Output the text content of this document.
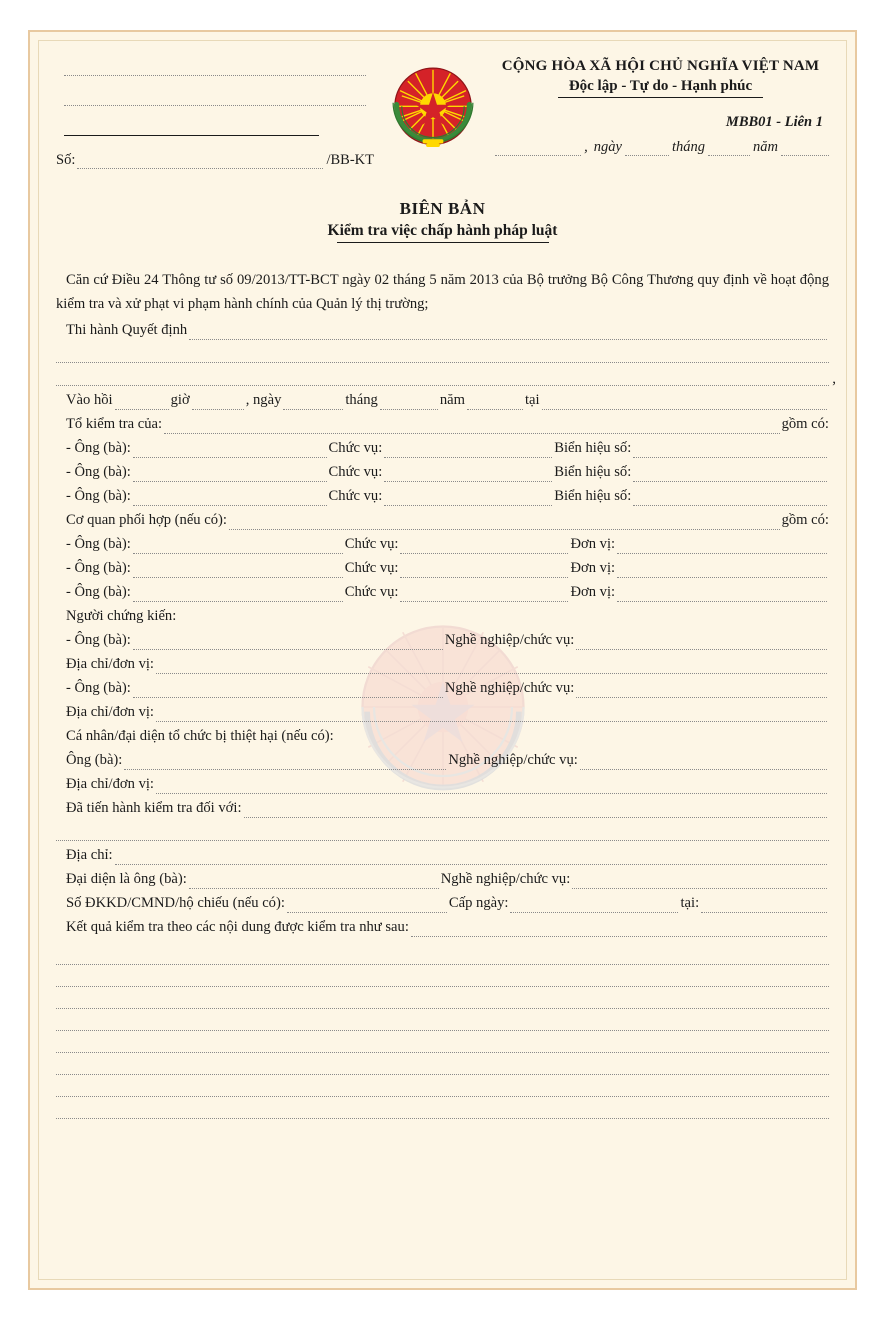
Số:	/BB-KT
CỘNG HÒA XÃ HỘI CHỦ NGHĨA VIỆT NAM
Độc lập - Tự do - Hạnh phúc
MBB01 - Liên 1
, ngày	tháng	năm
BIÊN BẢN
Kiểm tra việc chấp hành pháp luật
Căn cứ Điều 24 Thông tư số 09/2013/TT-BCT ngày 02 tháng 5 năm 2013 của Bộ trưởng Bộ Công Thương quy định về hoạt động kiểm tra và xử phạt vi phạm hành chính của Quản lý thị trường;
Thi hành Quyết định
,
Vào hồi	giờ	, ngày	tháng	năm	tại
Tổ kiểm tra của:	gồm có:
- Ông (bà):	Chức vụ:	Biển hiệu số:
- Ông (bà):	Chức vụ:	Biển hiệu số:
- Ông (bà):	Chức vụ:	Biển hiệu số:
Cơ quan phối hợp (nếu có):	gồm có:
- Ông (bà):	Chức vụ:	Đơn vị:
- Ông (bà):	Chức vụ:	Đơn vị:
- Ông (bà):	Chức vụ:	Đơn vị:
Người chứng kiến:
- Ông (bà):	Nghề nghiệp/chức vụ:
Địa chỉ/đơn vị:
- Ông (bà):	Nghề nghiệp/chức vụ:
Địa chỉ/đơn vị:
Cá nhân/đại diện tổ chức bị thiệt hại (nếu có):
Ông (bà):	Nghề nghiệp/chức vụ:
Địa chỉ/đơn vị:
Đã tiến hành kiểm tra đối với:
Địa chỉ:
Đại diện là ông (bà):	Nghề nghiệp/chức vụ:
Số ĐKKD/CMND/hộ chiếu (nếu có):	Cấp ngày:	tại:
Kết quả kiểm tra theo các nội dung được kiểm tra như sau:
